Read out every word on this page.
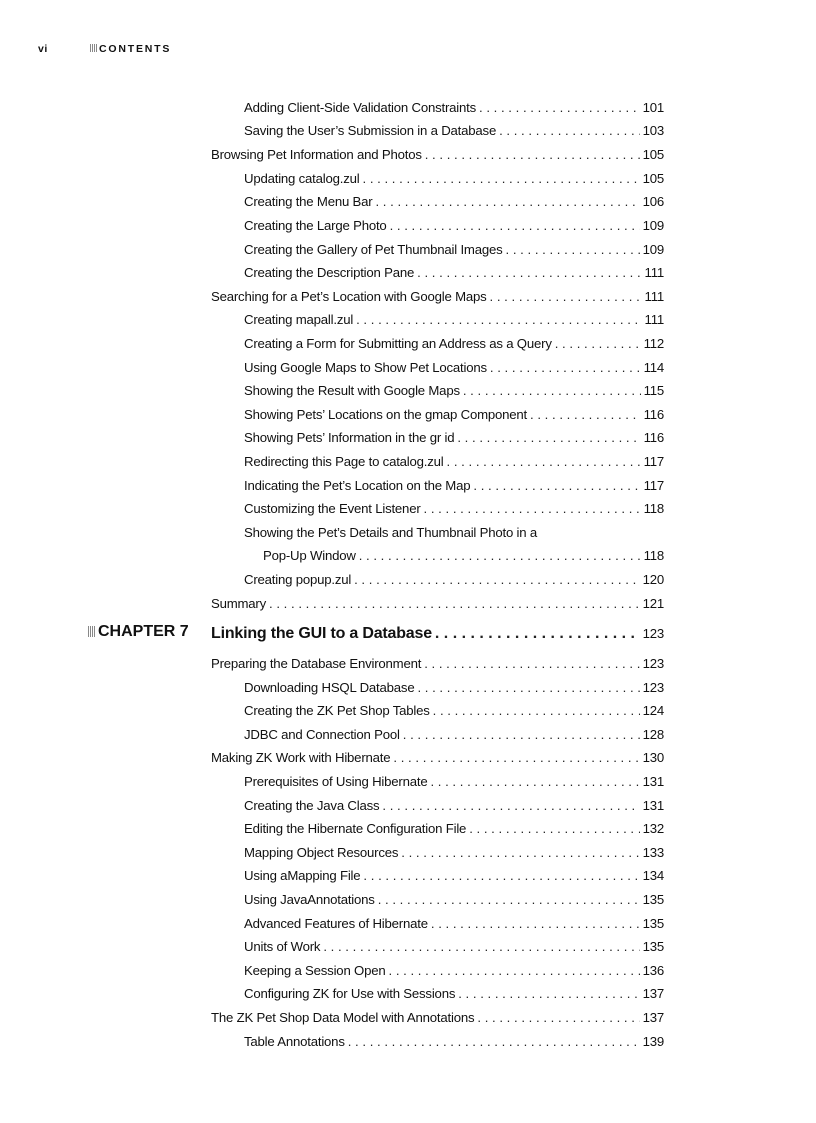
vi	CONTENTS
Adding Client-Side Validation Constraints . . .	101
Saving the User’s Submission in a Database . . .	103
Browsing Pet Information and Photos . . .	105
Updating catalog.zul . . .	105
Creating the Menu Bar . . .	106
Creating the Large Photo . . .	109
Creating the Gallery of Pet Thumbnail Images . . .	109
Creating the Description Pane . . .	111
Searching for a Pet’s Location with Google Maps . . .	111
Creating mapall.zul . . .	111
Creating a Form for Submitting an Address as a Query . . .	112
Using Google Maps to Show Pet Locations . . .	114
Showing the Result with Google Maps . . .	115
Showing Pets’ Locations on the gmap Component . . .	116
Showing Pets’ Information in the gr id . . .	116
Redirecting this Page to catalog.zul . . .	117
Indicating the Pet’s Location on the Map . . .	117
Customizing the Event Listener . . .	118
Showing the Pet’s Details and Thumbnail Photo in a
Pop-Up Window . . .	118
Creating popup.zul . . .	120
Summary . . .	121
CHAPTER 7 Linking the GUI to a Database . . .	123
Preparing the Database Environment . . .	123
Downloading HSQL Database . . .	123
Creating the ZK Pet Shop Tables . . .	124
JDBC and Connection Pool . . .	128
Making ZK Work with Hibernate . . .	130
Prerequisites of Using Hibernate . . .	131
Creating the Java Class . . .	131
Editing the Hibernate Configuration File . . .	132
Mapping Object Resources . . .	133
Using aMapping File . . .	134
Using JavaAnnotations . . .	135
Advanced Features of Hibernate . . .	135
Units of Work . . .	135
Keeping a Session Open . . .	136
Configuring ZK for Use with Sessions . . .	137
The ZK Pet Shop Data Model with Annotations . . .	137
Table Annotations . . .	139
